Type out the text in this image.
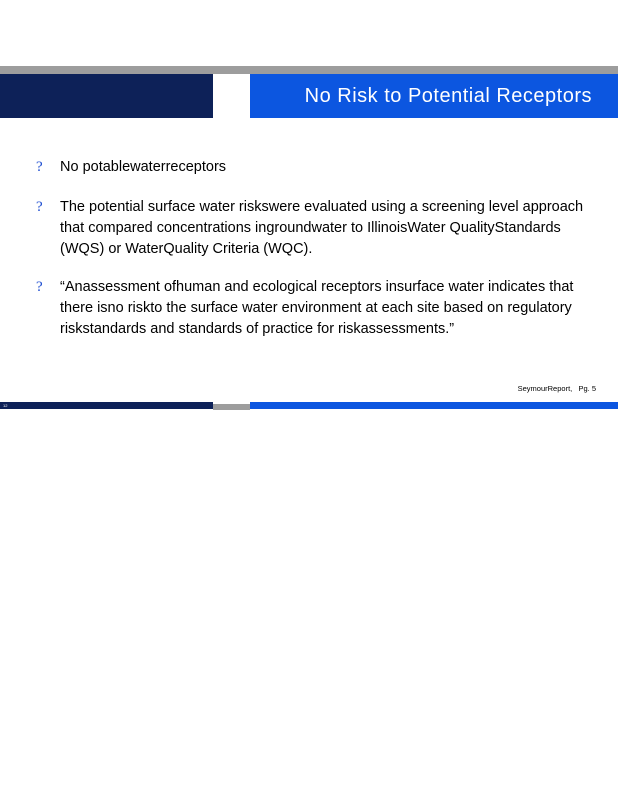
No Risk to Potential Receptors
?	No potablewaterreceptors
?	The potential surface water riskswere evaluated using a screening level approach that compared concentrations ingroundwater to IllinoisWater QualityStandards (WQS) or WaterQuality Criteria (WQC).
?	“Anassessment ofhuman and ecological receptors insurface water indicates that there isno riskto the surface water environment at each site based on regulatory riskstandards and standards of practice for riskassessments.”
SeymourReport,   Pg. 5
12
